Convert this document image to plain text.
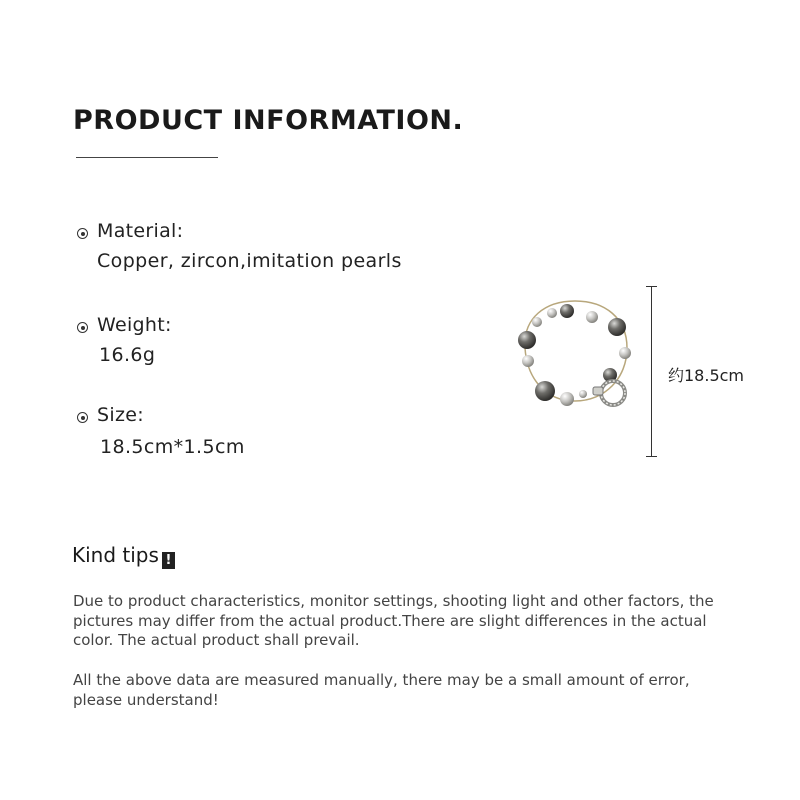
PRODUCT INFORMATION.
Material:
Copper, zircon,imitation pearls
Weight:
16.6g
Size:
18.5cm*1.5cm
约18.5cm
Kind tips !
Due to product characteristics, monitor settings, shooting light and other factors, the pictures may differ from the actual product.There are slight differences in the actual color. The actual product shall prevail.
All the above data are measured manually, there may be a small amount of error, please understand!
